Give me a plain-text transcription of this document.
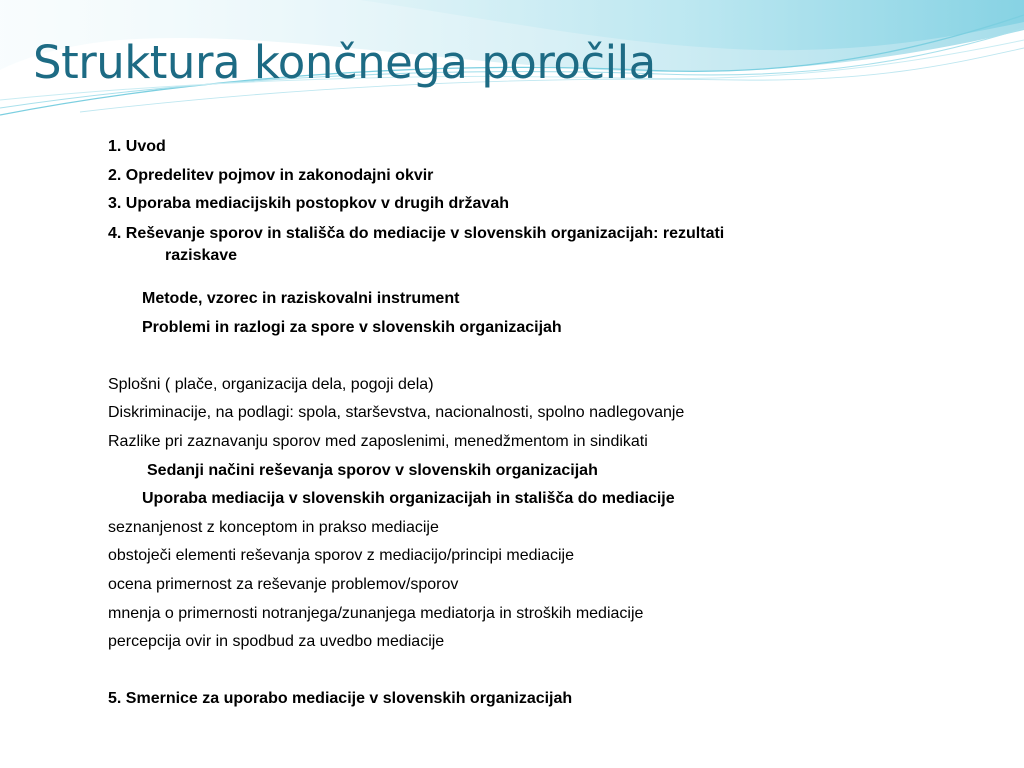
Struktura končnega poročila
1. Uvod
2. Opredelitev pojmov in zakonodajni okvir
3. Uporaba mediacijskih postopkov v drugih državah
4. Reševanje sporov in stališča do mediacije v slovenskih organizacijah: rezultati
raziskave
Metode, vzorec in raziskovalni instrument
Problemi in razlogi za spore v slovenskih organizacijah
Splošni ( plače, organizacija dela, pogoji dela)
Diskriminacije, na podlagi: spola, starševstva, nacionalnosti, spolno nadlegovanje
Razlike pri zaznavanju sporov med zaposlenimi, menedžmentom in sindikati
Sedanji načini reševanja sporov v slovenskih organizacijah
Uporaba mediacija v slovenskih organizacijah in stališča do mediacije
seznanjenost z konceptom in prakso mediacije
obstoječi elementi reševanja sporov z mediacijo/principi mediacije
ocena primernost za reševanje problemov/sporov
mnenja o primernosti notranjega/zunanjega mediatorja in stroških mediacije
percepcija ovir in spodbud za uvedbo mediacije
5. Smernice za uporabo mediacije v slovenskih organizacijah
